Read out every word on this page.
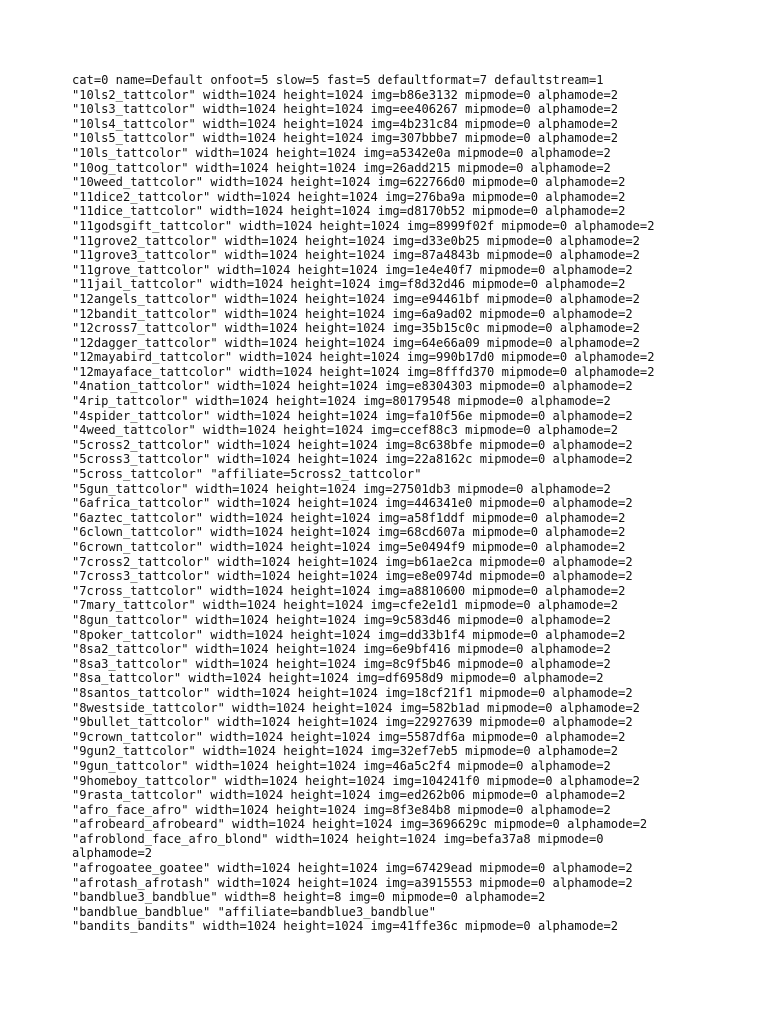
cat=0 name=Default onfoot=5 slow=5 fast=5 defaultformat=7 defaultstream=1
"10ls2_tattcolor" width=1024 height=1024 img=b86e3132 mipmode=0 alphamode=2
"10ls3_tattcolor" width=1024 height=1024 img=ee406267 mipmode=0 alphamode=2
"10ls4_tattcolor" width=1024 height=1024 img=4b231c84 mipmode=0 alphamode=2
"10ls5_tattcolor" width=1024 height=1024 img=307bbbe7 mipmode=0 alphamode=2
"10ls_tattcolor" width=1024 height=1024 img=a5342e0a mipmode=0 alphamode=2
"10og_tattcolor" width=1024 height=1024 img=26add215 mipmode=0 alphamode=2
"10weed_tattcolor" width=1024 height=1024 img=622766d0 mipmode=0 alphamode=2
"11dice2_tattcolor" width=1024 height=1024 img=276ba9a mipmode=0 alphamode=2
"11dice_tattcolor" width=1024 height=1024 img=d8170b52 mipmode=0 alphamode=2
"11godsgift_tattcolor" width=1024 height=1024 img=8999f02f mipmode=0 alphamode=2
"11grove2_tattcolor" width=1024 height=1024 img=d33e0b25 mipmode=0 alphamode=2
"11grove3_tattcolor" width=1024 height=1024 img=87a4843b mipmode=0 alphamode=2
"11grove_tattcolor" width=1024 height=1024 img=1e4e40f7 mipmode=0 alphamode=2
"11jail_tattcolor" width=1024 height=1024 img=f8d32d46 mipmode=0 alphamode=2
"12angels_tattcolor" width=1024 height=1024 img=e94461bf mipmode=0 alphamode=2
"12bandit_tattcolor" width=1024 height=1024 img=6a9ad02 mipmode=0 alphamode=2
"12cross7_tattcolor" width=1024 height=1024 img=35b15c0c mipmode=0 alphamode=2
"12dagger_tattcolor" width=1024 height=1024 img=64e66a09 mipmode=0 alphamode=2
"12mayabird_tattcolor" width=1024 height=1024 img=990b17d0 mipmode=0 alphamode=2
"12mayaface_tattcolor" width=1024 height=1024 img=8fffd370 mipmode=0 alphamode=2
"4nation_tattcolor" width=1024 height=1024 img=e8304303 mipmode=0 alphamode=2
"4rip_tattcolor" width=1024 height=1024 img=80179548 mipmode=0 alphamode=2
"4spider_tattcolor" width=1024 height=1024 img=fa10f56e mipmode=0 alphamode=2
"4weed_tattcolor" width=1024 height=1024 img=ccef88c3 mipmode=0 alphamode=2
"5cross2_tattcolor" width=1024 height=1024 img=8c638bfe mipmode=0 alphamode=2
"5cross3_tattcolor" width=1024 height=1024 img=22a8162c mipmode=0 alphamode=2
"5cross_tattcolor" "affiliate=5cross2_tattcolor"
"5gun_tattcolor" width=1024 height=1024 img=27501db3 mipmode=0 alphamode=2
"6africa_tattcolor" width=1024 height=1024 img=446341e0 mipmode=0 alphamode=2
"6aztec_tattcolor" width=1024 height=1024 img=a58f1ddf mipmode=0 alphamode=2
"6clown_tattcolor" width=1024 height=1024 img=68cd607a mipmode=0 alphamode=2
"6crown_tattcolor" width=1024 height=1024 img=5e0494f9 mipmode=0 alphamode=2
"7cross2_tattcolor" width=1024 height=1024 img=b61ae2ca mipmode=0 alphamode=2
"7cross3_tattcolor" width=1024 height=1024 img=e8e0974d mipmode=0 alphamode=2
"7cross_tattcolor" width=1024 height=1024 img=a8810600 mipmode=0 alphamode=2
"7mary_tattcolor" width=1024 height=1024 img=cfe2e1d1 mipmode=0 alphamode=2
"8gun_tattcolor" width=1024 height=1024 img=9c583d46 mipmode=0 alphamode=2
"8poker_tattcolor" width=1024 height=1024 img=dd33b1f4 mipmode=0 alphamode=2
"8sa2_tattcolor" width=1024 height=1024 img=6e9bf416 mipmode=0 alphamode=2
"8sa3_tattcolor" width=1024 height=1024 img=8c9f5b46 mipmode=0 alphamode=2
"8sa_tattcolor" width=1024 height=1024 img=df6958d9 mipmode=0 alphamode=2
"8santos_tattcolor" width=1024 height=1024 img=18cf21f1 mipmode=0 alphamode=2
"8westside_tattcolor" width=1024 height=1024 img=582b1ad mipmode=0 alphamode=2
"9bullet_tattcolor" width=1024 height=1024 img=22927639 mipmode=0 alphamode=2
"9crown_tattcolor" width=1024 height=1024 img=5587df6a mipmode=0 alphamode=2
"9gun2_tattcolor" width=1024 height=1024 img=32ef7eb5 mipmode=0 alphamode=2
"9gun_tattcolor" width=1024 height=1024 img=46a5c2f4 mipmode=0 alphamode=2
"9homeboy_tattcolor" width=1024 height=1024 img=104241f0 mipmode=0 alphamode=2
"9rasta_tattcolor" width=1024 height=1024 img=ed262b06 mipmode=0 alphamode=2
"afro_face_afro" width=1024 height=1024 img=8f3e84b8 mipmode=0 alphamode=2
"afrobeard_afrobeard" width=1024 height=1024 img=3696629c mipmode=0 alphamode=2
"afroblond_face_afro_blond" width=1024 height=1024 img=befa37a8 mipmode=0
alphamode=2
"afrogoatee_goatee" width=1024 height=1024 img=67429ead mipmode=0 alphamode=2
"afrotash_afrotash" width=1024 height=1024 img=a3915553 mipmode=0 alphamode=2
"bandblue3_bandblue" width=8 height=8 img=0 mipmode=0 alphamode=2
"bandblue_bandblue" "affiliate=bandblue3_bandblue"
"bandits_bandits" width=1024 height=1024 img=41ffe36c mipmode=0 alphamode=2
